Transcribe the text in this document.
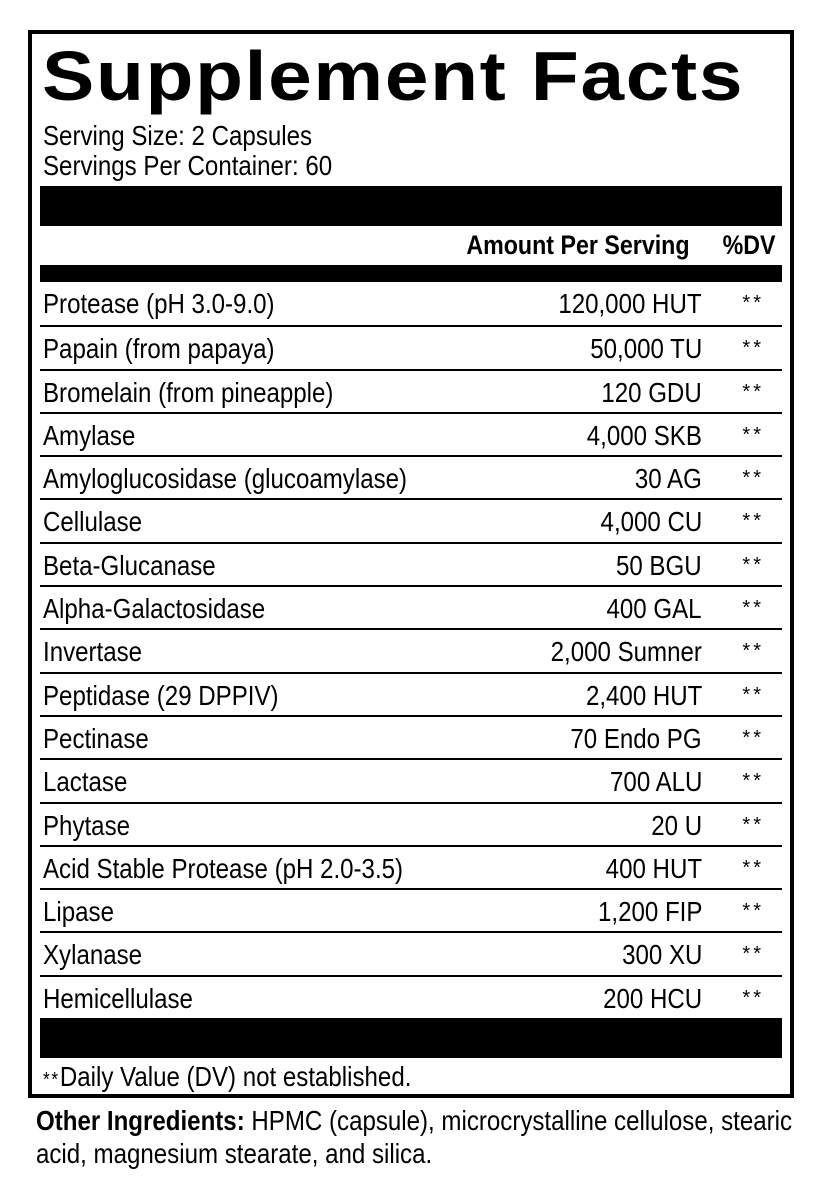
Supplement Facts
Serving Size: 2 Capsules
Servings Per Container: 60
Amount Per Serving %DV
Protease (pH 3.0-9.0)	120,000 HUT **
Papain (from papaya)	50,000 TU **
Bromelain (from pineapple)	120 GDU **
Amylase	4,000 SKB **
Amyloglucosidase (glucoamylase)	30 AG **
Cellulase	4,000 CU **
Beta-Glucanase	50 BGU **
Alpha-Galactosidase	400 GAL **
Invertase	2,000 Sumner **
Peptidase (29 DPPIV)	2,400 HUT **
Pectinase	70 Endo PG **
Lactase	700 ALU **
Phytase	20 U **
Acid Stable Protease (pH 2.0-3.5)	400 HUT **
Lipase	1,200 FIP **
Xylanase	300 XU **
Hemicellulase	200 HCU **
**Daily Value (DV) not established.
Other Ingredients: HPMC (capsule), microcrystalline cellulose, stearic acid, magnesium stearate, and silica.
